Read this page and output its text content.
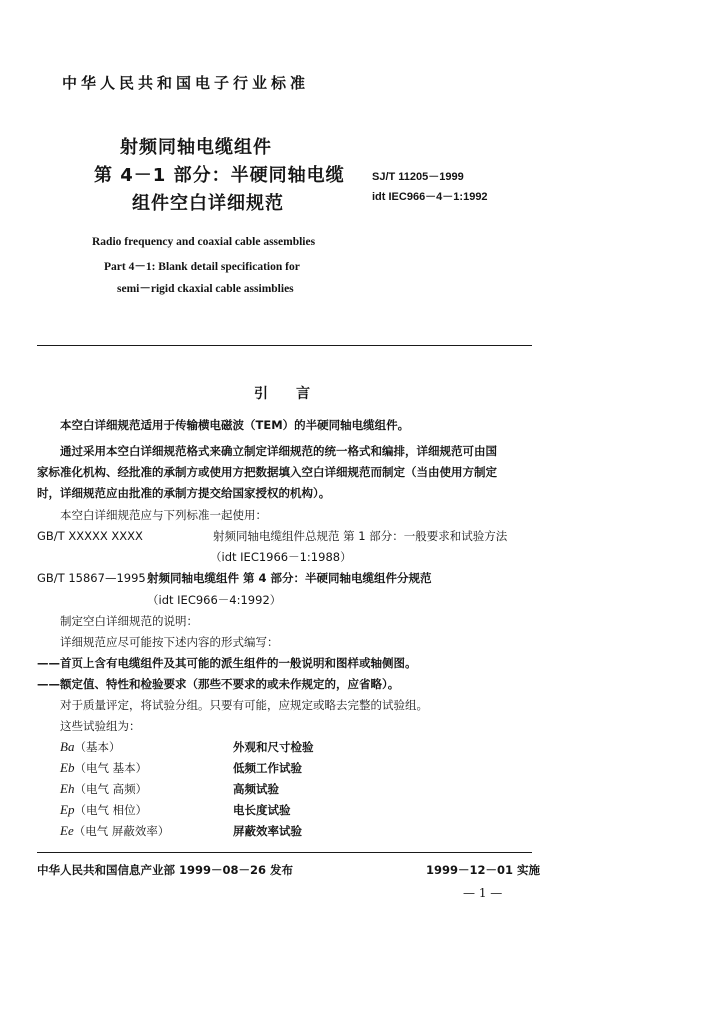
中华人民共和国电子行业标准
射频同轴电缆组件
第 4－1 部分：半硬同轴电缆
组件空白详细规范
SJ/T 11205－1999
idt IEC966－4－1:1992
Radio frequency and coaxial cable assemblies
Part 4－1: Blank detail specification for
semi－rigid ckaxial cable assimblies
引 言
本空白详细规范适用于传输横电磁波（TEM）的半硬同轴电缆组件。
通过采用本空白详细规范格式来确立制定详细规范的统一格式和编排，详细规范可由国
家标准化机构、经批准的承制方或使用方把数据填入空白详细规范而制定（当由使用方制定
时，详细规范应由批准的承制方提交给国家授权的机构）。
本空白详细规范应与下列标准一起使用：
GB/T XXXXX XXXX	射频同轴电缆组件总规范 第 1 部分：一般要求和试验方法
（idt IEC1966－1:1988）
GB/T 15867—1995 射频同轴电缆组件 第 4 部分：半硬同轴电缆组件分规范
（idt IEC966－4:1992）
制定空白详细规范的说明：
详细规范应尽可能按下述内容的形式编写：
——首页上含有电缆组件及其可能的派生组件的一般说明和图样或轴侧图。
——额定值、特性和检验要求（那些不要求的或未作规定的，应省略）。
对于质量评定，将试验分组。只要有可能，应规定或略去完整的试验组。
这些试验组为：
Ba（基本）	外观和尺寸检验
Eb（电气 基本）	低频工作试验
Eh（电气 高频）	高频试验
Ep（电气 相位）	电长度试验
Ee（电气 屏蔽效率）	屏蔽效率试验
中华人民共和国信息产业部 1999－08－26 发布	1999－12－01 实施
— 1 —
